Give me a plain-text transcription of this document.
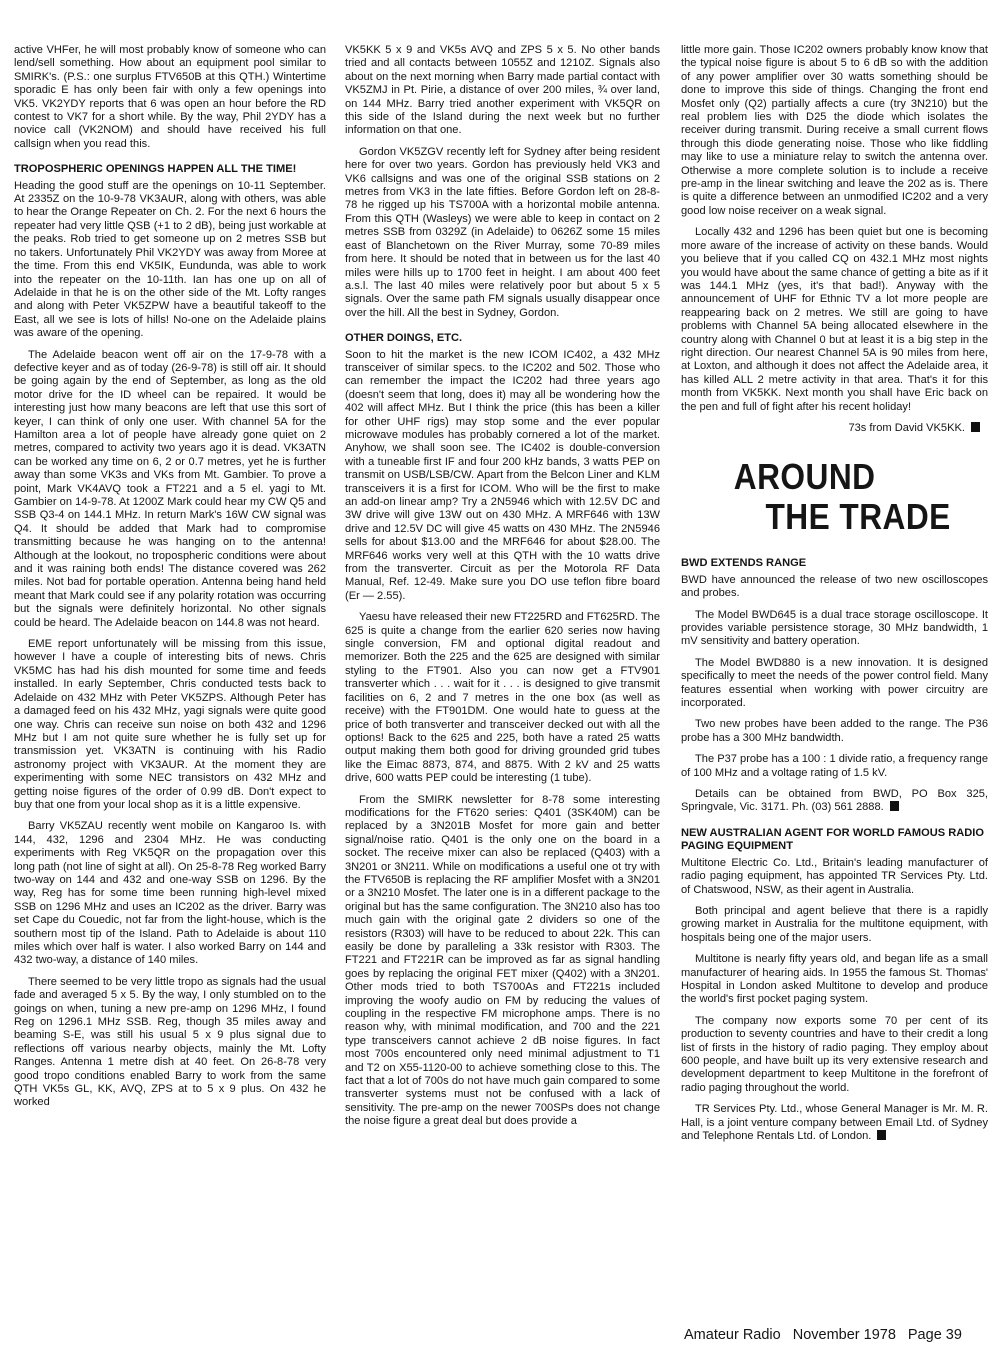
active VHFer, he will most probably know of someone who can lend/sell something. How about an equipment pool similar to SMIRK's. (P.S.: one surplus FTV650B at this QTH.) Wintertime sporadic E has only been fair with only a few openings into VK5. VK2YDY reports that 6 was open an hour before the RD contest to VK7 for a short while. By the way, Phil 2YDY has a novice call (VK2NOM) and should have received his full callsign when you read this.

TROPOSPHERIC OPENINGS HAPPEN ALL THE TIME!

Heading the good stuff are the openings on 10-11 September. At 2335Z on the 10-9-78 VK3AUR, along with others, was able to hear the Orange Repeater on Ch. 2. For the next 6 hours the repeater had very little QSB (+1 to 2 dB), being just workable at the peaks. Rob tried to get someone up on 2 metres SSB but no takers. Unfortunately Phil VK2YDY was away from Moree at the time. From this end VK5IK, Eundunda, was able to work into the repeater on the 10-11th. Ian has one up on all of Adelaide in that he is on the other side of the Mt. Lofty ranges and along with Peter VK5ZPW have a beautiful takeoff to the East, all we see is lots of hills! No-one on the Adelaide plains was aware of the opening.

The Adelaide beacon went off air on the 17-9-78 with a defective keyer and as of today (26-9-78) is still off air. It should be going again by the end of September, as long as the old motor drive for the ID wheel can be repaired. It would be interesting just how many beacons are left that use this sort of keyer, I can think of only one user. With channel 5A for the Hamilton area a lot of people have already gone quiet on 2 metres, compared to activity two years ago it is dead. VK3ATN can be worked any time on 6, 2 or 0.7 metres, yet he is further away than some VK3s and VKs from Mt. Gambier. To prove a point, Mark VK4AVQ took a FT221 and a 5 el. yagi to Mt. Gambier on 14-9-78. At 1200Z Mark could hear my CW Q5 and SSB Q3-4 on 144.1 MHz. In return Mark's 16W CW signal was Q4. It should be added that Mark had to compromise transmitting because he was hanging on to the antenna! Although at the lookout, no tropospheric conditions were about and it was raining both ends! The distance covered was 262 miles. Not bad for portable operation. Antenna being hand held meant that Mark could see if any polarity rotation was occurring but the signals were definitely horizontal. No other signals could be heard. The Adelaide beacon on 144.8 was not heard.

EME report unfortunately will be missing from this issue, however I have a couple of interesting bits of news. Chris VK5MC has had his dish mounted for some time and feeds installed. In early September, Chris conducted tests back to Adelaide on 432 MHz with Peter VK5ZPS. Although Peter has a damaged feed on his 432 MHz, yagi signals were quite good one way. Chris can receive sun noise on both 432 and 1296 MHz but I am not quite sure whether he is fully set up for transmission yet. VK3ATN is continuing with his Radio astronomy project with VK3AUR. At the moment they are experimenting with some NEC transistors on 432 MHz and getting noise figures of the order of 0.99 dB. Don't expect to buy that one from your local shop as it is a little expensive.

Barry VK5ZAU recently went mobile on Kangaroo Is. with 144, 432, 1296 and 2304 MHz. He was conducting experiments with Reg VK5QR on the propagation over this long path (not line of sight at all). On 25-8-78 Reg worked Barry two-way on 144 and 432 and one-way SSB on 1296. By the way, Reg has for some time been running high-level mixed SSB on 1296 MHz and uses an IC202 as the driver. Barry was set Cape du Couedic, not far from the light-house, which is the southern most tip of the Island. Path to Adelaide is about 110 miles which over half is water. I also worked Barry on 144 and 432 two-way, a distance of 140 miles.

There seemed to be very little tropo as signals had the usual fade and averaged 5 x 5. By the way, I only stumbled on to the goings on when, tuning a new pre-amp on 1296 MHz, I found Reg on 1296.1 MHz SSB. Reg, though 35 miles away and beaming S-E, was still his usual 5 x 9 plus signal due to reflections off various nearby objects, mainly the Mt. Lofty Ranges. Antenna 1 metre dish at 40 feet. On 26-8-78 very good tropo conditions enabled Barry to work from the same QTH VK5s GL, KK, AVQ, ZPS at to 5 x 9 plus. On 432 he worked

VK5KK 5 x 9 and VK5s AVQ and ZPS 5 x 5. No other bands tried and all contacts between 1055Z and 1210Z. Signals also about on the next morning when Barry made partial contact with VK5ZMJ in Pt. Pirie, a distance of over 200 miles, ¾ over land, on 144 MHz. Barry tried another experiment with VK5QR on this side of the Island during the next week but no further information on that one.

Gordon VK5ZGV recently left for Sydney after being resident here for over two years. Gordon has previously held VK3 and VK6 callsigns and was one of the original SSB stations on 2 metres from VK3 in the late fifties. Before Gordon left on 28-8-78 he rigged up his TS700A with a horizontal mobile antenna. From this QTH (Wasleys) we were able to keep in contact on 2 metres SSB from 0329Z (in Adelaide) to 0626Z some 15 miles east of Blanchetown on the River Murray, some 70-89 miles from here. It should be noted that in between us for the last 40 miles were hills up to 1700 feet in height. I am about 400 feet a.s.l. The last 40 miles were relatively poor but about 5 x 5 signals. Over the same path FM signals usually disappear once over the hill. All the best in Sydney, Gordon.

OTHER DOINGS, ETC.

Soon to hit the market is the new ICOM IC402, a 432 MHz transceiver of similar specs. to the IC202 and 502. Those who can remember the impact the IC202 had three years ago (doesn't seem that long, does it) may all be wondering how the 402 will affect MHz. But I think the price (this has been a killer for other UHF rigs) may stop some and the ever popular microwave modules has probably cornered a lot of the market. Anyhow, we shall soon see. The IC402 is double-conversion with a tuneable first IF and four 200 kHz bands, 3 watts PEP on transmit on USB/LSB/CW. Apart from the Belcon Liner and KLM transceivers it is a first for ICOM. Who will be the first to make an add-on linear amp? Try a 2N5946 which with 12.5V DC and 3W drive will give 13W out on 430 MHz. A MRF646 with 13W drive and 12.5V DC will give 45 watts on 430 MHz. The 2N5946 sells for about $13.00 and the MRF646 for about $28.00. The MRF646 works very well at this QTH with the 10 watts drive from the transverter. Circuit as per the Motorola RF Data Manual, Ref. 12-49. Make sure you DO use teflon fibre board (Er — 2.55).

Yaesu have released their new FT225RD and FT625RD. The 625 is quite a change from the earlier 620 series now having single conversion, FM and optional digital readout and memorizer. Both the 225 and the 625 are designed with similar styling to the FT901. Also you can now get a FTV901 transverter which . . . wait for it . . . is designed to give transmit facilities on 6, 2 and 7 metres in the one box (as well as receive) with the FT901DM. One would hate to guess at the price of both transverter and transceiver decked out with all the options! Back to the 625 and 225, both have a rated 25 watts output making them both good for driving grounded grid tubes like the Eimac 8873, 874, and 8875. With 2 kV and 25 watts drive, 600 watts PEP could be interesting (1 tube).

From the SMIRK newsletter for 8-78 some interesting modifications for the FT620 series: Q401 (3SK40M) can be replaced by a 3N201B Mosfet for more gain and better signal/noise ratio. Q401 is the only one on the board in a socket. The receive mixer can also be replaced (Q403) with a 3N201 or 3N211. While on modifications a useful one ot try with the FTV650B is replacing the RF amplifier Mosfet with a 3N201 or a 3N210 Mosfet. The later one is in a different package to the original but has the same configuration. The 3N210 also has too much gain with the original gate 2 dividers so one of the resistors (R303) will have to be reduced to about 22k. This can easily be done by paralleling a 33k resistor with R303. The FT221 and FT221R can be improved as far as signal handling goes by replacing the original FET mixer (Q402) with a 3N201. Other mods tried to both TS700As and FT221s included improving the woofy audio on FM by reducing the values of coupling in the respective FM microphone amps. There is no reason why, with minimal modification, and 700 and the 221 type transceivers cannot achieve 2 dB noise figures. In fact most 700s encountered only need minimal adjustment to T1 and T2 on X55-1120-00 to achieve something close to this. The fact that a lot of 700s do not have much gain compared to some transverter systems must not be confused with a lack of sensitivity. The pre-amp on the newer 700SPs does not change the noise figure a great deal but does provide a

little more gain. Those IC202 owners probably know know that the typical noise figure is about 5 to 6 dB so with the addition of any power amplifier over 30 watts something should be done to improve this side of things. Changing the front end Mosfet only (Q2) partially affects a cure (try 3N210) but the real problem lies with D25 the diode which isolates the receiver during transmit. During receive a small current flows through this diode generating noise. Those who like fiddling may like to use a miniature relay to switch the antenna over. Otherwise a more complete solution is to include a receive pre-amp in the linear switching and leave the 202 as is. There is quite a difference between an unmodified IC202 and a very good low noise receiver on a weak signal.

Locally 432 and 1296 has been quiet but one is becoming more aware of the increase of activity on these bands. Would you believe that if you called CQ on 432.1 MHz most nights you would have about the same chance of getting a bite as if it was 144.1 MHz (yes, it's that bad!). Anyway with the announcement of UHF for Ethnic TV a lot more people are reappearing back on 2 metres. We still are going to have problems with Channel 5A being allocated elsewhere in the country along with Channel 0 but at least it is a big step in the right direction. Our nearest Channel 5A is 90 miles from here, at Loxton, and although it does not affect the Adelaide area, it has killed ALL 2 metre activity in that area. That's it for this month from VK5KK. Next month you shall have Eric back on the pen and full of fight after his recent holiday!

73s from David VK5KK.
AROUND
THE TRADE
BWD EXTENDS RANGE

BWD have announced the release of two new oscilloscopes and probes.

The Model BWD645 is a dual trace storage oscilloscope. It provides variable persistence storage, 30 MHz bandwidth, 1 mV sensitivity and battery operation.

The Model BWD880 is a new innovation. It is designed specifically to meet the needs of the power control field. Many features essential when working with power circuitry are incorporated.

Two new probes have been added to the range. The P36 probe has a 300 MHz bandwidth.

The P37 probe has a 100 : 1 divide ratio, a frequency range of 100 MHz and a voltage rating of 1.5 kV.

Details can be obtained from BWD, PO Box 325, Springvale, Vic. 3171. Ph. (03) 561 2888.

NEW AUSTRALIAN AGENT FOR WORLD FAMOUS RADIO PAGING EQUIPMENT

Multitone Electric Co. Ltd., Britain's leading manufacturer of radio paging equipment, has appointed TR Services Pty. Ltd. of Chatswood, NSW, as their agent in Australia.

Both principal and agent believe that there is a rapidly growing market in Australia for the multitone equipment, with hospitals being one of the major users.

Multitone is nearly fifty years old, and began life as a small manufacturer of hearing aids. In 1955 the famous St. Thomas' Hospital in London asked Multitone to develop and produce the world's first pocket paging system.

The company now exports some 70 per cent of its production to seventy countries and have to their credit a long list of firsts in the history of radio paging. They employ about 600 people, and have built up its very extensive research and development department to keep Multitone in the forefront of radio paging throughout the world.

TR Services Pty. Ltd., whose General Manager is Mr. M. R. Hall, is a joint venture company between Email Ltd. of Sydney and Telephone Rentals Ltd. of London.

Amateur Radio November 1978 Page 39
